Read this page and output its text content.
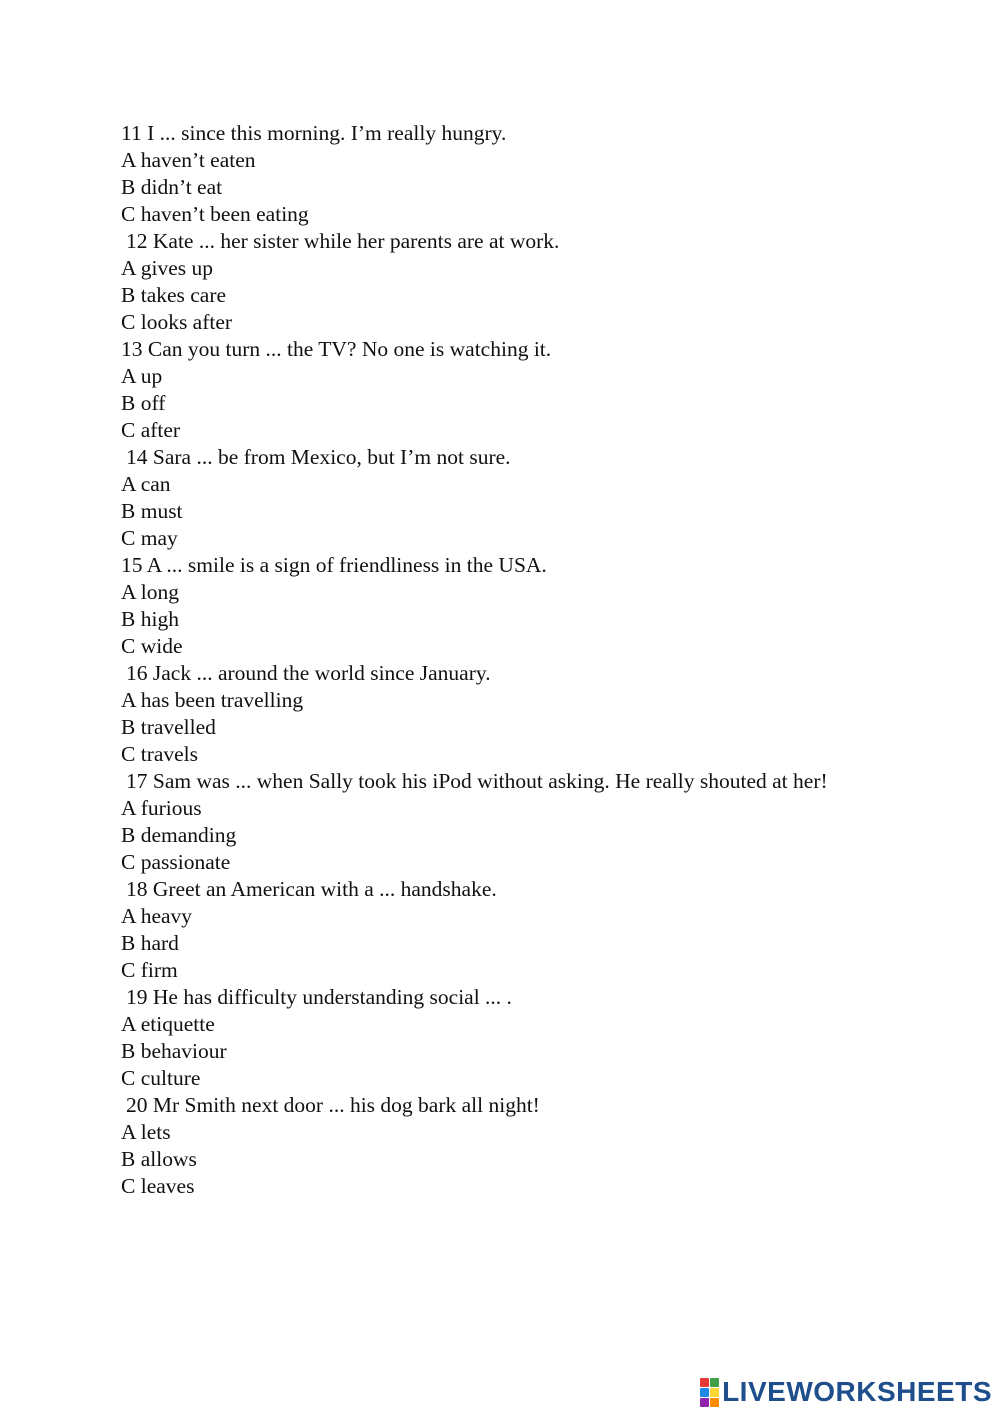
11 I ... since this morning. I’m really hungry.
A haven’t eaten
B didn’t eat
C haven’t been eating
12 Kate ... her sister while her parents are at work.
A gives up
B takes care
C looks after
13 Can you turn ... the TV? No one is watching it.
A up
B off
C after
14 Sara ... be from Mexico, but I’m not sure.
A can
B must
C may
15 A ... smile is a sign of friendliness in the USA.
A long
B high
C wide
16 Jack ... around the world since January.
A has been travelling
B travelled
C travels
17 Sam was ... when Sally took his iPod without asking. He really shouted at her!
A furious
B demanding
C passionate
18 Greet an American with a ... handshake.
A heavy
B hard
C firm
19 He has difficulty understanding social ... .
A etiquette
B behaviour
C culture
20 Mr Smith next door ... his dog bark all night!
A lets
B allows
C leaves
LIVEWORKSHEETS
